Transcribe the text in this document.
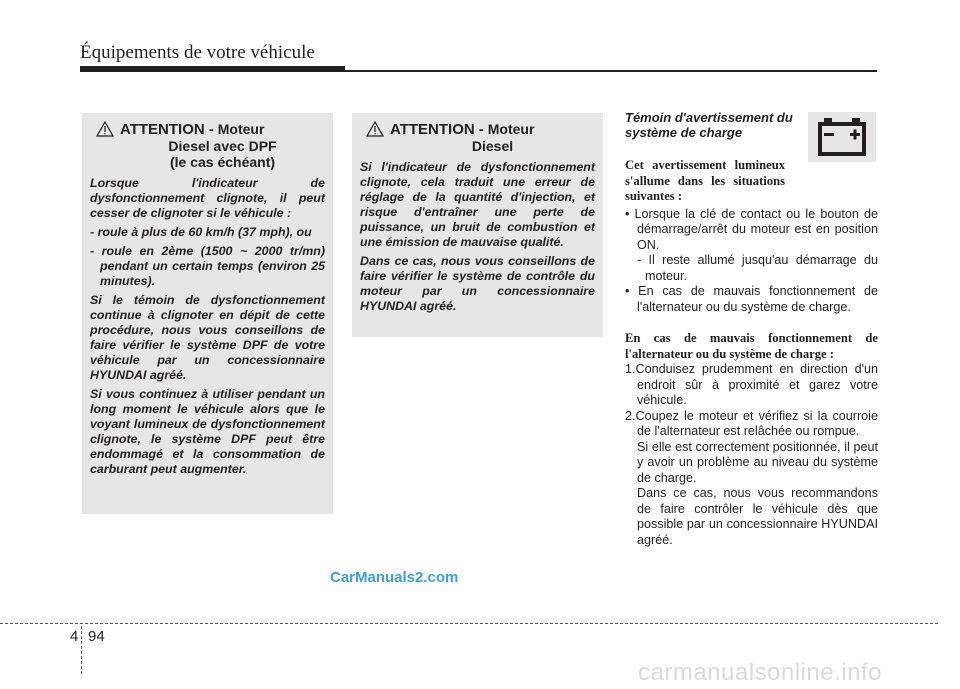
Équipements de votre véhicule
ATTENTION - Moteur
Diesel avec DPF
(le cas échéant)

Lorsque l'indicateur de dysfonctionnement clignote, il peut cesser de clignoter si le véhicule :

- roule à plus de 60 km/h (37 mph), ou

- roule en 2ème (1500 ~ 2000 tr/mn) pendant un certain temps (environ 25 minutes).

Si le témoin de dysfonctionnement continue à clignoter en dépit de cette procédure, nous vous conseillons de faire vérifier le système DPF de votre véhicule par un concessionnaire HYUNDAI agréé.

Si vous continuez à utiliser pendant un long moment le véhicule alors que le voyant lumineux de dysfonctionnement clignote, le système DPF peut être endommagé et la consommation de carburant peut augmenter.

ATTENTION - Moteur
Diesel

Si l'indicateur de dysfonctionnement clignote, cela traduit une erreur de réglage de la quantité d'injection, et risque d'entraîner une perte de puissance, un bruit de combustion et une émission de mauvaise qualité.

Dans ce cas, nous vous conseillons de faire vérifier le système de contrôle du moteur par un concessionnaire HYUNDAI agréé.

Témoin d'avertissement du système de charge

Cet avertissement lumineux s'allume dans les situations suivantes :

• Lorsque la clé de contact ou le bouton de démarrage/arrêt du moteur est en position ON.

- Il reste allumé jusqu'au démarrage du moteur.

• En cas de mauvais fonctionnement de l'alternateur ou du système de charge.

En cas de mauvais fonctionnement de l'alternateur ou du système de charge :

1.Conduisez prudemment en direction d'un endroit sûr à proximité et garez votre véhicule.

2.Coupez le moteur et vérifiez si la courroie de l'alternateur est relâchée ou rompue.

Si elle est correctement positionnée, il peut y avoir un problème au niveau du système de charge.

Dans ce cas, nous vous recommandons de faire contrôler le véhicule dès que possible par un concessionnaire HYUNDAI agréé.

CarManuals2.com
4 94
carmanualsonline.info
